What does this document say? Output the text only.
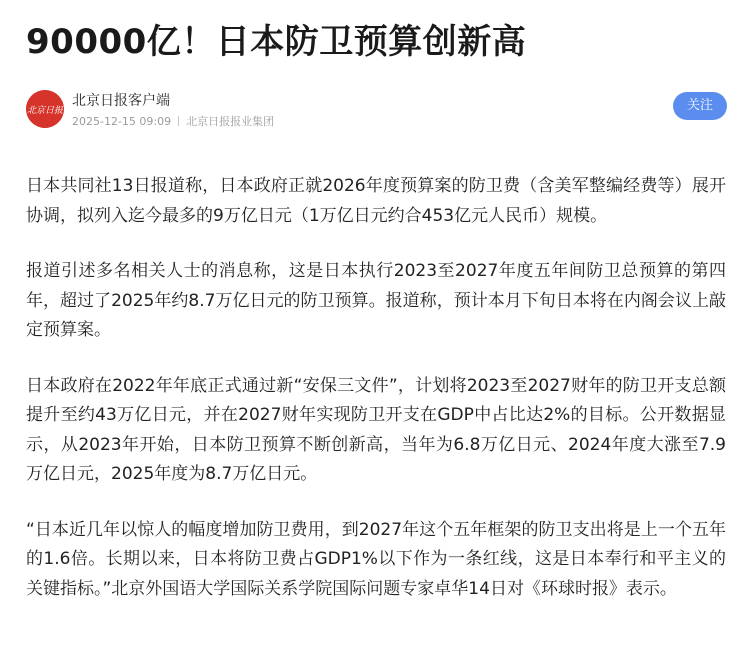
90000亿！日本防卫预算创新高
北京日报
北京日报客户端
2025-12-15 09:09 北京日报报业集团
关注

日本共同社13日报道称，日本政府正就2026年度预算案的防卫费（含美军整编经费等）展开协调，拟列入迄今最多的9万亿日元（1万亿日元约合453亿元人民币）规模。

报道引述多名相关人士的消息称，这是日本执行2023至2027年度五年间防卫总预算的第四年，超过了2025年约8.7万亿日元的防卫预算。报道称，预计本月下旬日本将在内阁会议上敲定预算案。

日本政府在2022年年底正式通过新“安保三文件”，计划将2023至2027财年的防卫开支总额提升至约43万亿日元，并在2027财年实现防卫开支在GDP中占比达2%的目标。公开数据显示，从2023年开始，日本防卫预算不断创新高，当年为6.8万亿日元、2024年度大涨至7.9万亿日元，2025年度为8.7万亿日元。

“日本近几年以惊人的幅度增加防卫费用，到2027年这个五年框架的防卫支出将是上一个五年的1.6倍。长期以来，日本将防卫费占GDP1%以下作为一条红线，这是日本奉行和平主义的关键指标。”北京外国语大学国际关系学院国际问题专家卓华14日对《环球时报》表示。
